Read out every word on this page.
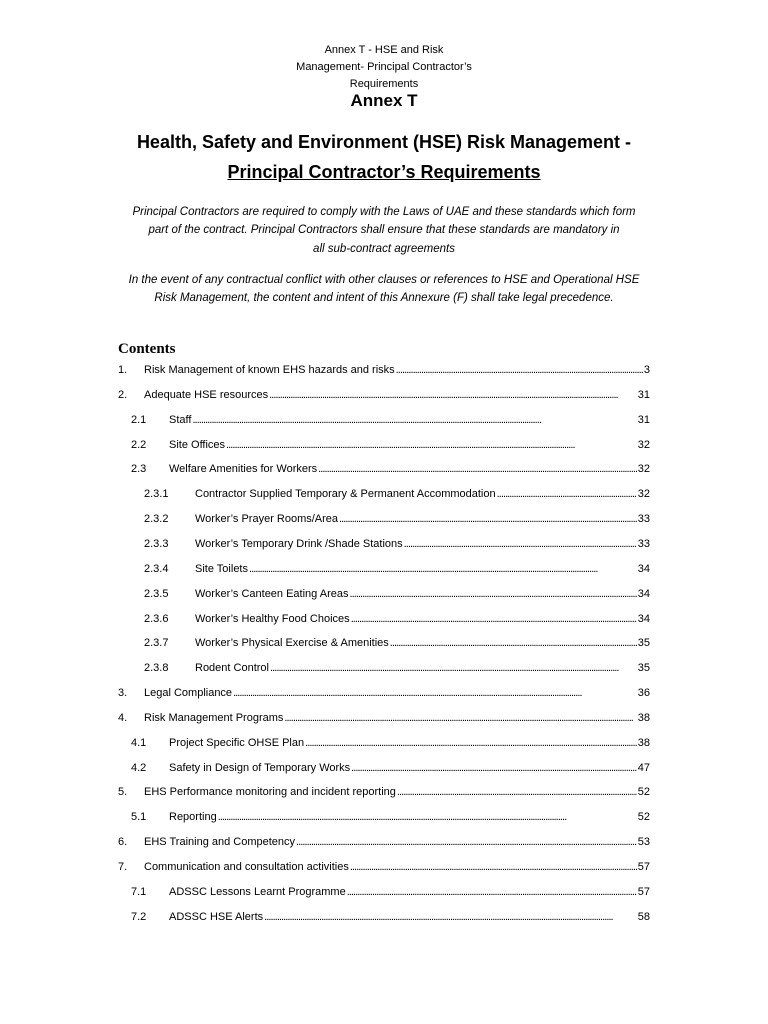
Annex T - HSE and Risk
Management- Principal Contractor’s
Requirements
Annex T
Health, Safety and Environment (HSE) Risk Management -
Principal Contractor’s Requirements
Principal Contractors are required to comply with the Laws of UAE and these standards which form
part of the contract. Principal Contractors shall ensure that these standards are mandatory in
all sub-contract agreements
In the event of any contractual conflict with other clauses or references to HSE and Operational HSE
Risk Management, the content and intent of this Annexure (F) shall take legal precedence.
Contents
1. Risk Management of known EHS hazards and risks . . .	3
2. Adequate HSE resources . . .	31
2.1 Staff . . .	31
2.2 Site Offices . . .	32
2.3 Welfare Amenities for Workers . . .	32
2.3.1 Contractor Supplied Temporary & Permanent Accommodation . . .	32
2.3.2 Worker’s Prayer Rooms/Area . . .	33
2.3.3 Worker’s Temporary Drink /Shade Stations . . .	33
2.3.4 Site Toilets . . .	34
2.3.5 Worker’s Canteen Eating Areas . . .	34
2.3.6 Worker’s Healthy Food Choices . . .	34
2.3.7 Worker’s Physical Exercise & Amenities . . .	35
2.3.8 Rodent Control . . .	35
3. Legal Compliance . . .	36
4. Risk Management Programs . . .	38
4.1 Project Specific OHSE Plan . . .	38
4.2 Safety in Design of Temporary Works . . .	47
5. EHS Performance monitoring and incident reporting . . .	52
5.1 Reporting . . .	52
6. EHS Training and Competency . . .	53
7. Communication and consultation activities . . .	57
7.1 ADSSC Lessons Learnt Programme . . .	57
7.2 ADSSC HSE Alerts . . .	58
